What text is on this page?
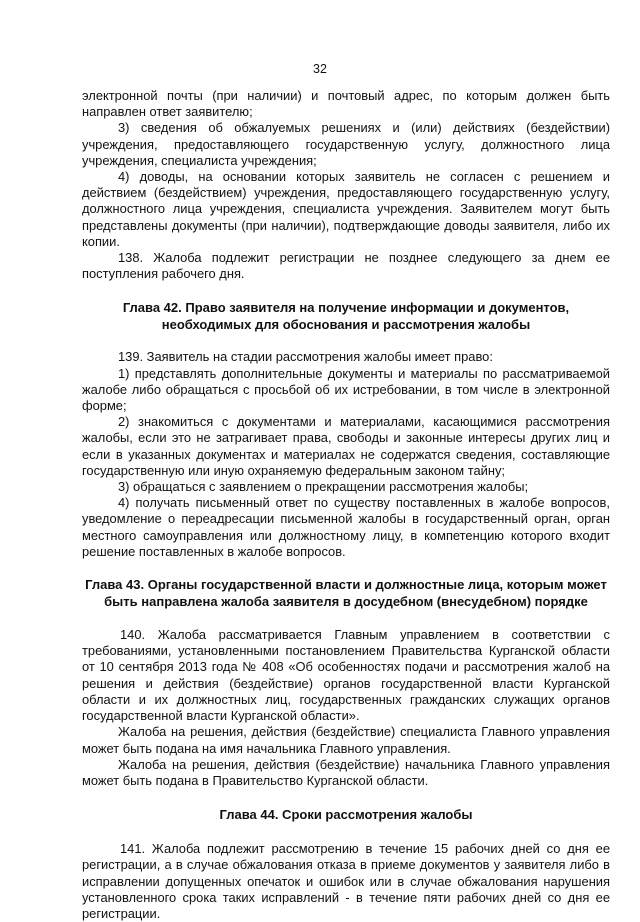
32

электронной почты (при наличии) и почтовый адрес, по которым должен быть направлен ответ заявителю;

3) сведения об обжалуемых решениях и (или) действиях (бездействии) учреждения, предоставляющего государственную услугу, должностного лица учреждения, специалиста учреждения;

4) доводы, на основании которых заявитель не согласен с решением и действием (бездействием) учреждения, предоставляющего государственную услугу, должностного лица учреждения, специалиста учреждения. Заявителем могут быть представлены документы (при наличии), подтверждающие доводы заявителя, либо их копии.

138. Жалоба подлежит регистрации не позднее следующего за днем ее поступления рабочего дня.

Глава 42. Право заявителя на получение информации и документов,
необходимых для обоснования и рассмотрения жалобы

139. Заявитель на стадии рассмотрения жалобы имеет право:

1) представлять дополнительные документы и материалы по рассматриваемой жалобе либо обращаться с просьбой об их истребовании, в том числе в электронной форме;

2) знакомиться с документами и материалами, касающимися рассмотрения жалобы, если это не затрагивает права, свободы и законные интересы других лиц и если в указанных документах и материалах не содержатся сведения, составляющие государственную или иную охраняемую федеральным законом тайну;

3) обращаться с заявлением о прекращении рассмотрения жалобы;

4) получать письменный ответ по существу поставленных в жалобе вопросов, уведомление о переадресации письменной жалобы в государственный орган, орган местного самоуправления или должностному лицу, в компетенцию которого входит решение поставленных в жалобе вопросов.

Глава 43. Органы государственной власти и должностные лица, которым может
быть направлена жалоба заявителя в досудебном (внесудебном) порядке

140. Жалоба рассматривается Главным управлением в соответствии с требованиями, установленными постановлением Правительства Курганской области от 10 сентября 2013 года № 408 «Об особенностях подачи и рассмотрения жалоб на решения и действия (бездействие) органов государственной власти Курганской области и их должностных лиц, государственных гражданских служащих органов государственной власти Курганской области».

Жалоба на решения, действия (бездействие) специалиста Главного управления может быть подана на имя начальника Главного управления.

Жалоба на решения, действия (бездействие) начальника Главного управления может быть подана в Правительство Курганской области.

Глава 44. Сроки рассмотрения жалобы

141. Жалоба подлежит рассмотрению в течение 15 рабочих дней со дня ее регистрации, а в случае обжалования отказа в приеме документов у заявителя либо в исправлении допущенных опечаток и ошибок или в случае обжалования нарушения установленного срока таких исправлений - в течение пяти рабочих дней со дня ее регистрации.
